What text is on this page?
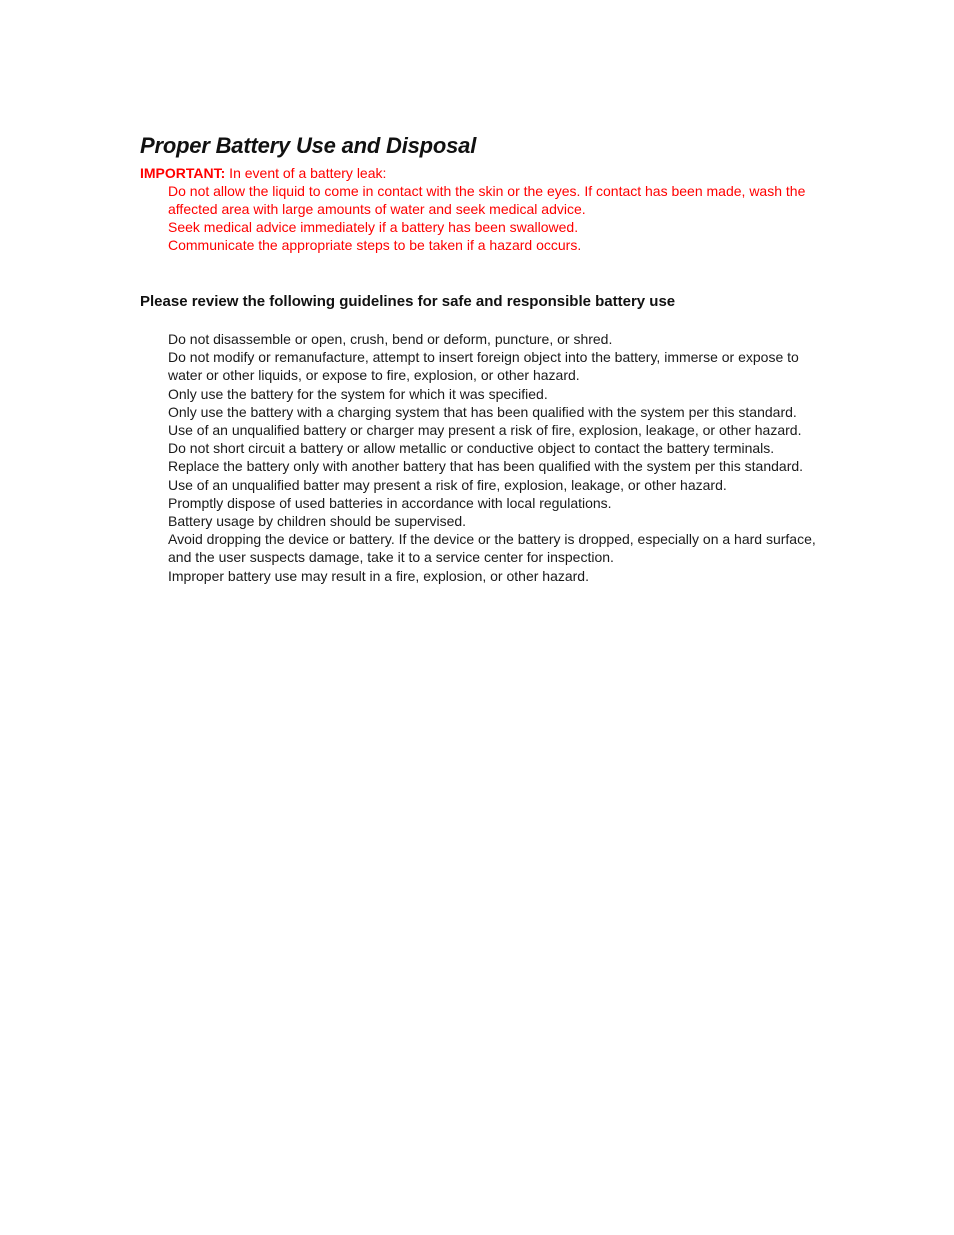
Proper Battery Use and Disposal

IMPORTANT: In event of a battery leak:

Do not allow the liquid to come in contact with the skin or the eyes. If contact has been made, wash the affected area with large amounts of water and seek medical advice.
Seek medical advice immediately if a battery has been swallowed.
Communicate the appropriate steps to be taken if a hazard occurs.
Please review the following guidelines for safe and responsible battery use
Do not disassemble or open, crush, bend or deform, puncture, or shred.
Do not modify or remanufacture, attempt to insert foreign object into the battery, immerse or expose to water or other liquids, or expose to fire, explosion, or other hazard.
Only use the battery for the system for which it was specified.
Only use the battery with a charging system that has been qualified with the system per this standard. Use of an unqualified battery or charger may present a risk of fire, explosion, leakage, or other hazard.
Do not short circuit a battery or allow metallic or conductive object to contact the battery terminals.
Replace the battery only with another battery that has been qualified with the system per this standard. Use of an unqualified batter may present a risk of fire, explosion, leakage, or other hazard.
Promptly dispose of used batteries in accordance with local regulations.
Battery usage by children should be supervised.
Avoid dropping the device or battery. If the device or the battery is dropped, especially on a hard surface, and the user suspects damage, take it to a service center for inspection.
Improper battery use may result in a fire, explosion, or other hazard.
